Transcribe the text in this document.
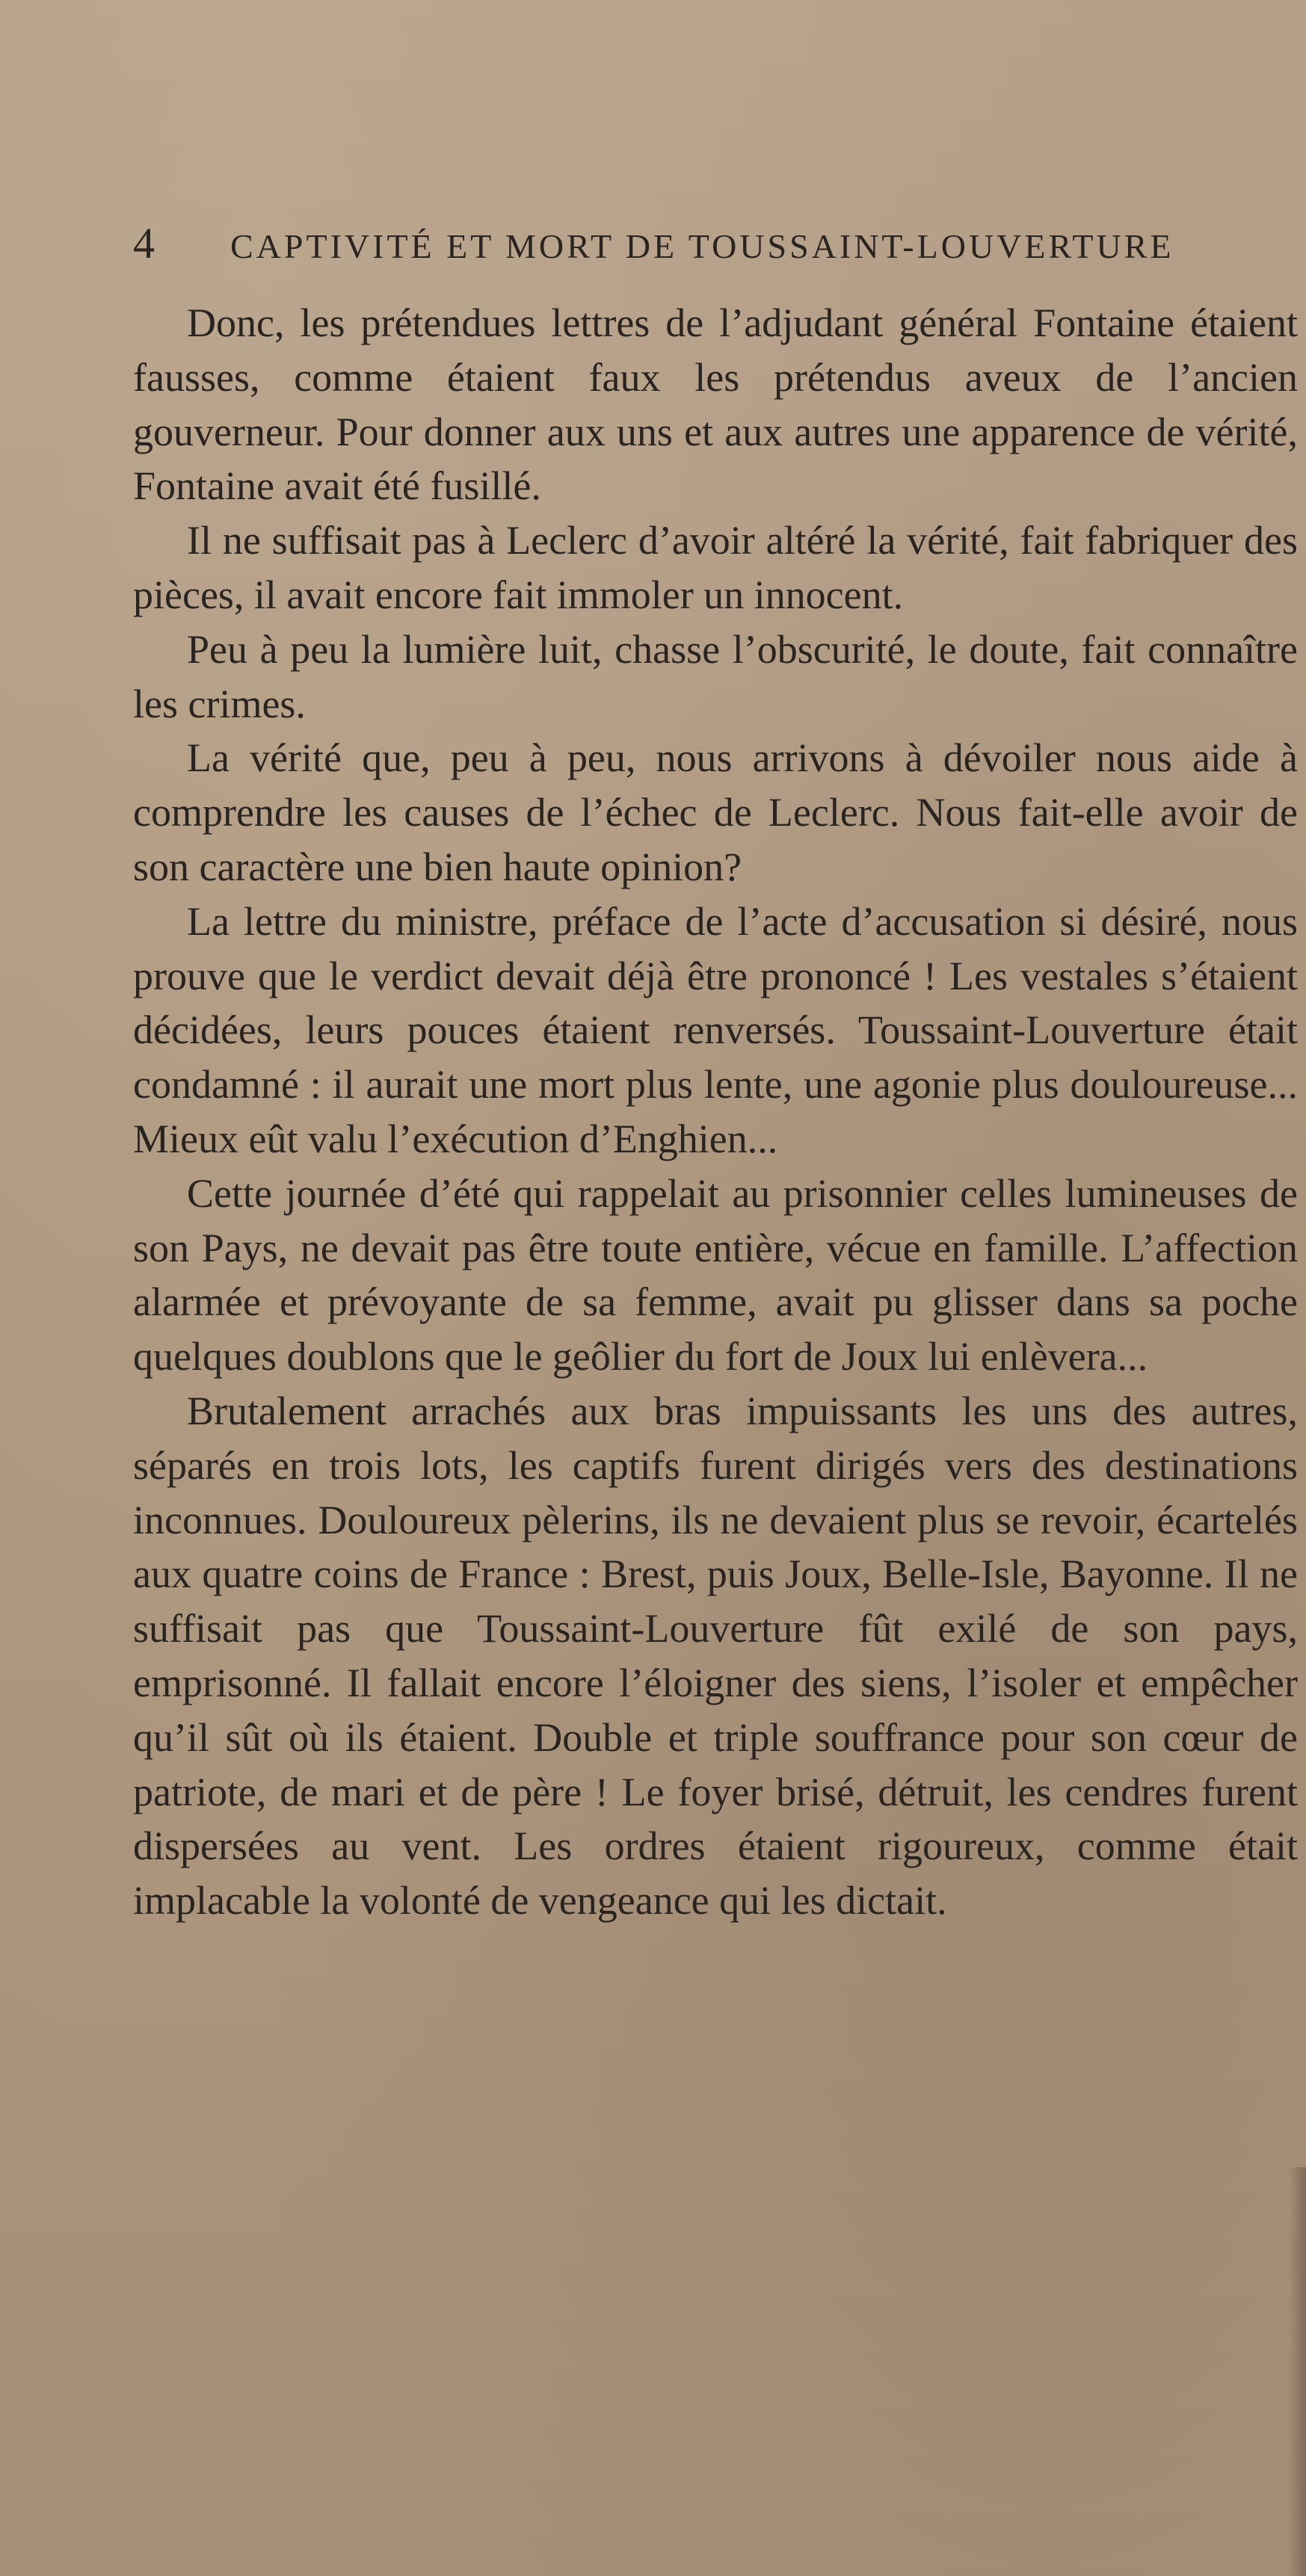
4	CAPTIVITÉ ET MORT DE TOUSSAINT-LOUVERTURE

Donc, les prétendues lettres de l’adjudant général Fontaine étaient fausses, comme étaient faux les prétendus aveux de l’ancien gouverneur. Pour donner aux uns et aux autres une apparence de vérité, Fontaine avait été fusillé.

Il ne suffisait pas à Leclerc d’avoir altéré la vérité, fait fabriquer des pièces, il avait encore fait immoler un innocent.

Peu à peu la lumière luit, chasse l’obscurité, le doute, fait connaître les crimes.

La vérité que, peu à peu, nous arrivons à dévoiler nous aide à comprendre les causes de l’échec de Leclerc. Nous fait-elle avoir de son caractère une bien haute opinion?

La lettre du ministre, préface de l’acte d’accusation si désiré, nous prouve que le verdict devait déjà être prononcé ! Les vestales s’étaient décidées, leurs pouces étaient renversés. Toussaint-Louverture était condamné : il aurait une mort plus lente, une agonie plus douloureuse... Mieux eût valu l’exécution d’Enghien...

Cette journée d’été qui rappelait au prisonnier celles lumineuses de son Pays, ne devait pas être toute entière, vécue en famille. L’affection alarmée et prévoyante de sa femme, avait pu glisser dans sa poche quelques doublons que le geôlier du fort de Joux lui enlèvera...

Brutalement arrachés aux bras impuissants les uns des autres, séparés en trois lots, les captifs furent dirigés vers des destinations inconnues. Douloureux pèlerins, ils ne devaient plus se revoir, écartelés aux quatre coins de France : Brest, puis Joux, Belle-Isle, Bayonne. Il ne suffisait pas que Toussaint-Louverture fût exilé de son pays, emprisonné. Il fallait encore l’éloigner des siens, l’isoler et empêcher qu’il sût où ils étaient. Double et triple souffrance pour son cœur de patriote, de mari et de père ! Le foyer brisé, détruit, les cendres furent dispersées au vent. Les ordres étaient rigoureux, comme était implacable la volonté de vengeance qui les dictait.
